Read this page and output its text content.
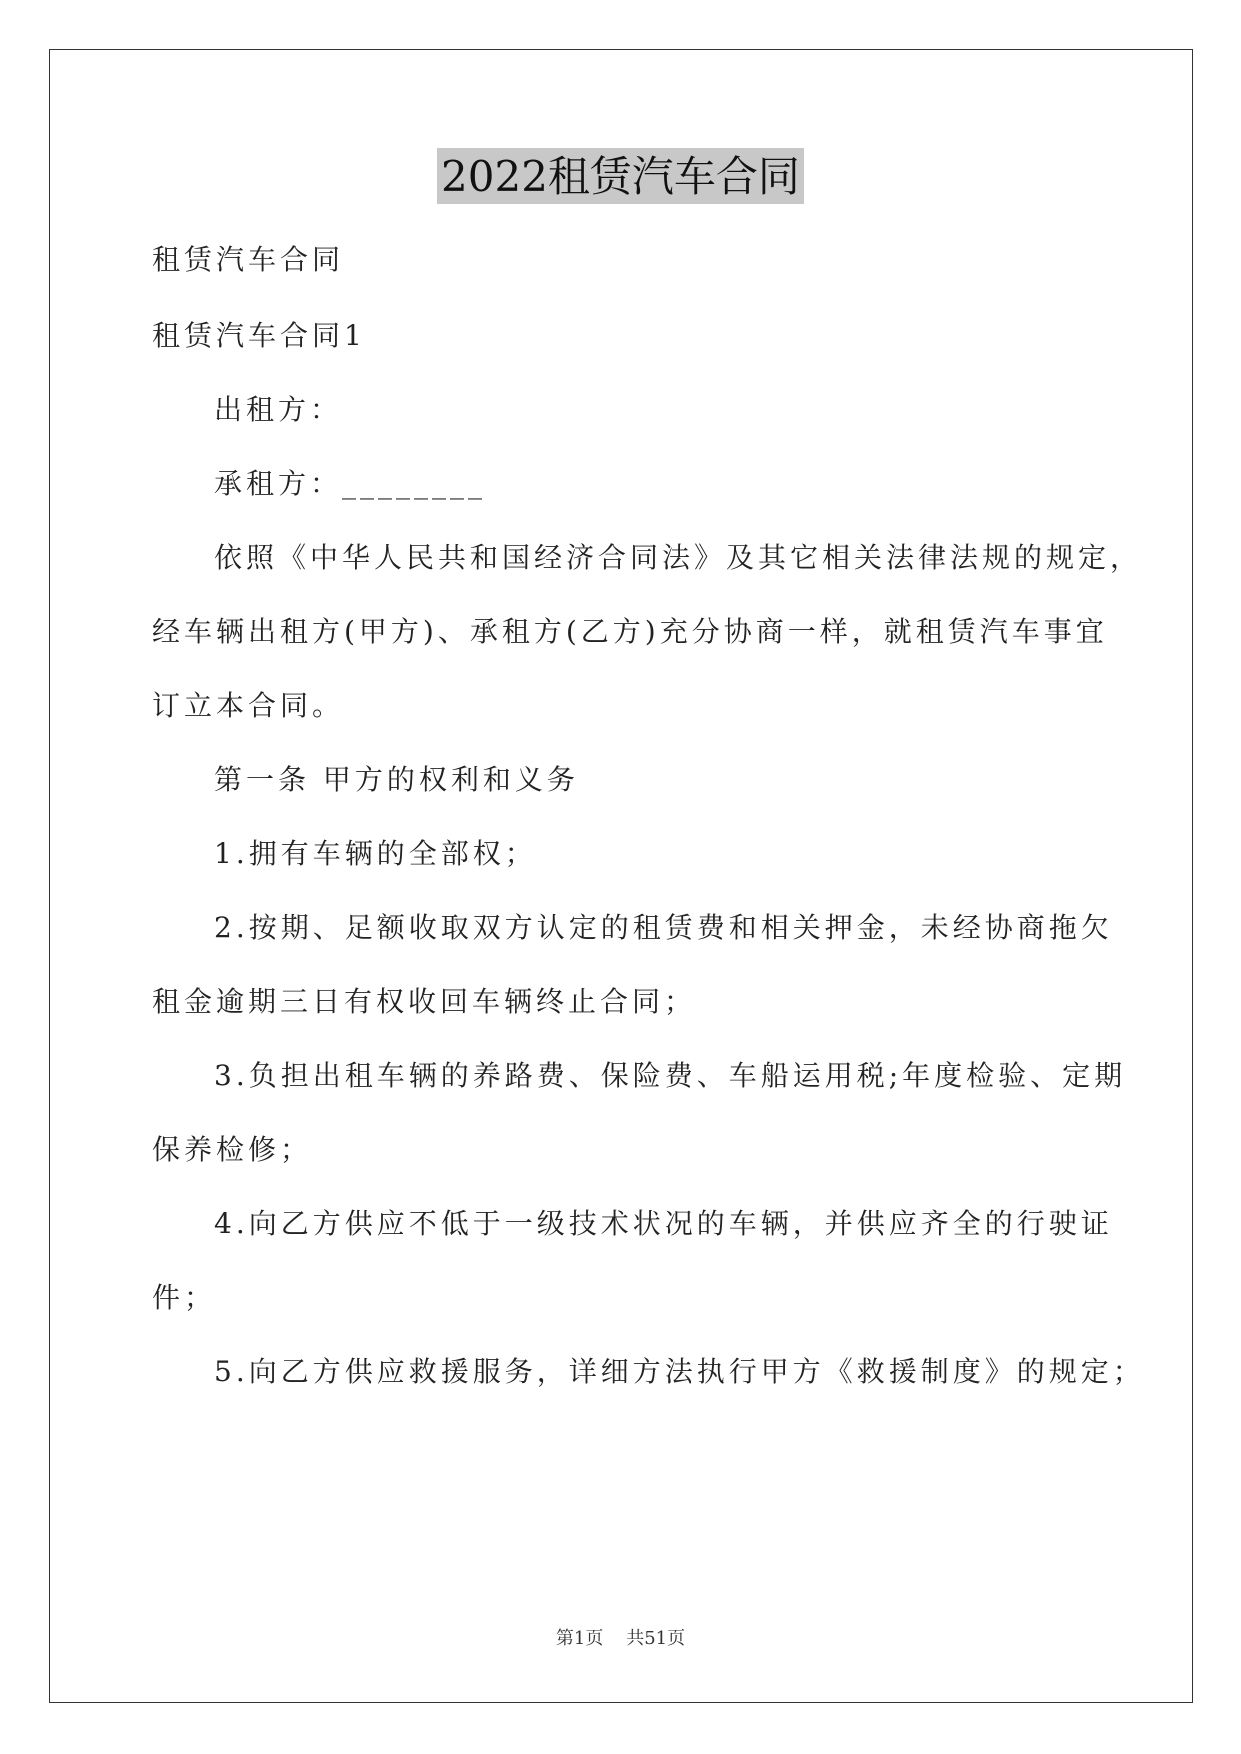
2022租赁汽车合同
租赁汽车合同
租赁汽车合同1
出租方：
承租方：________
依照《中华人民共和国经济合同法》及其它相关法律法规的规定，
经车辆出租方(甲方)、承租方(乙方)充分协商一样，就租赁汽车事宜
订立本合同。
第一条 甲方的权利和义务
1.拥有车辆的全部权；
2.按期、足额收取双方认定的租赁费和相关押金，未经协商拖欠
租金逾期三日有权收回车辆终止合同；
3.负担出租车辆的养路费、保险费、车船运用税;年度检验、定期
保养检修；
4.向乙方供应不低于一级技术状况的车辆，并供应齐全的行驶证
件；
5.向乙方供应救援服务，详细方法执行甲方《救援制度》的规定；
第1页    共51页
